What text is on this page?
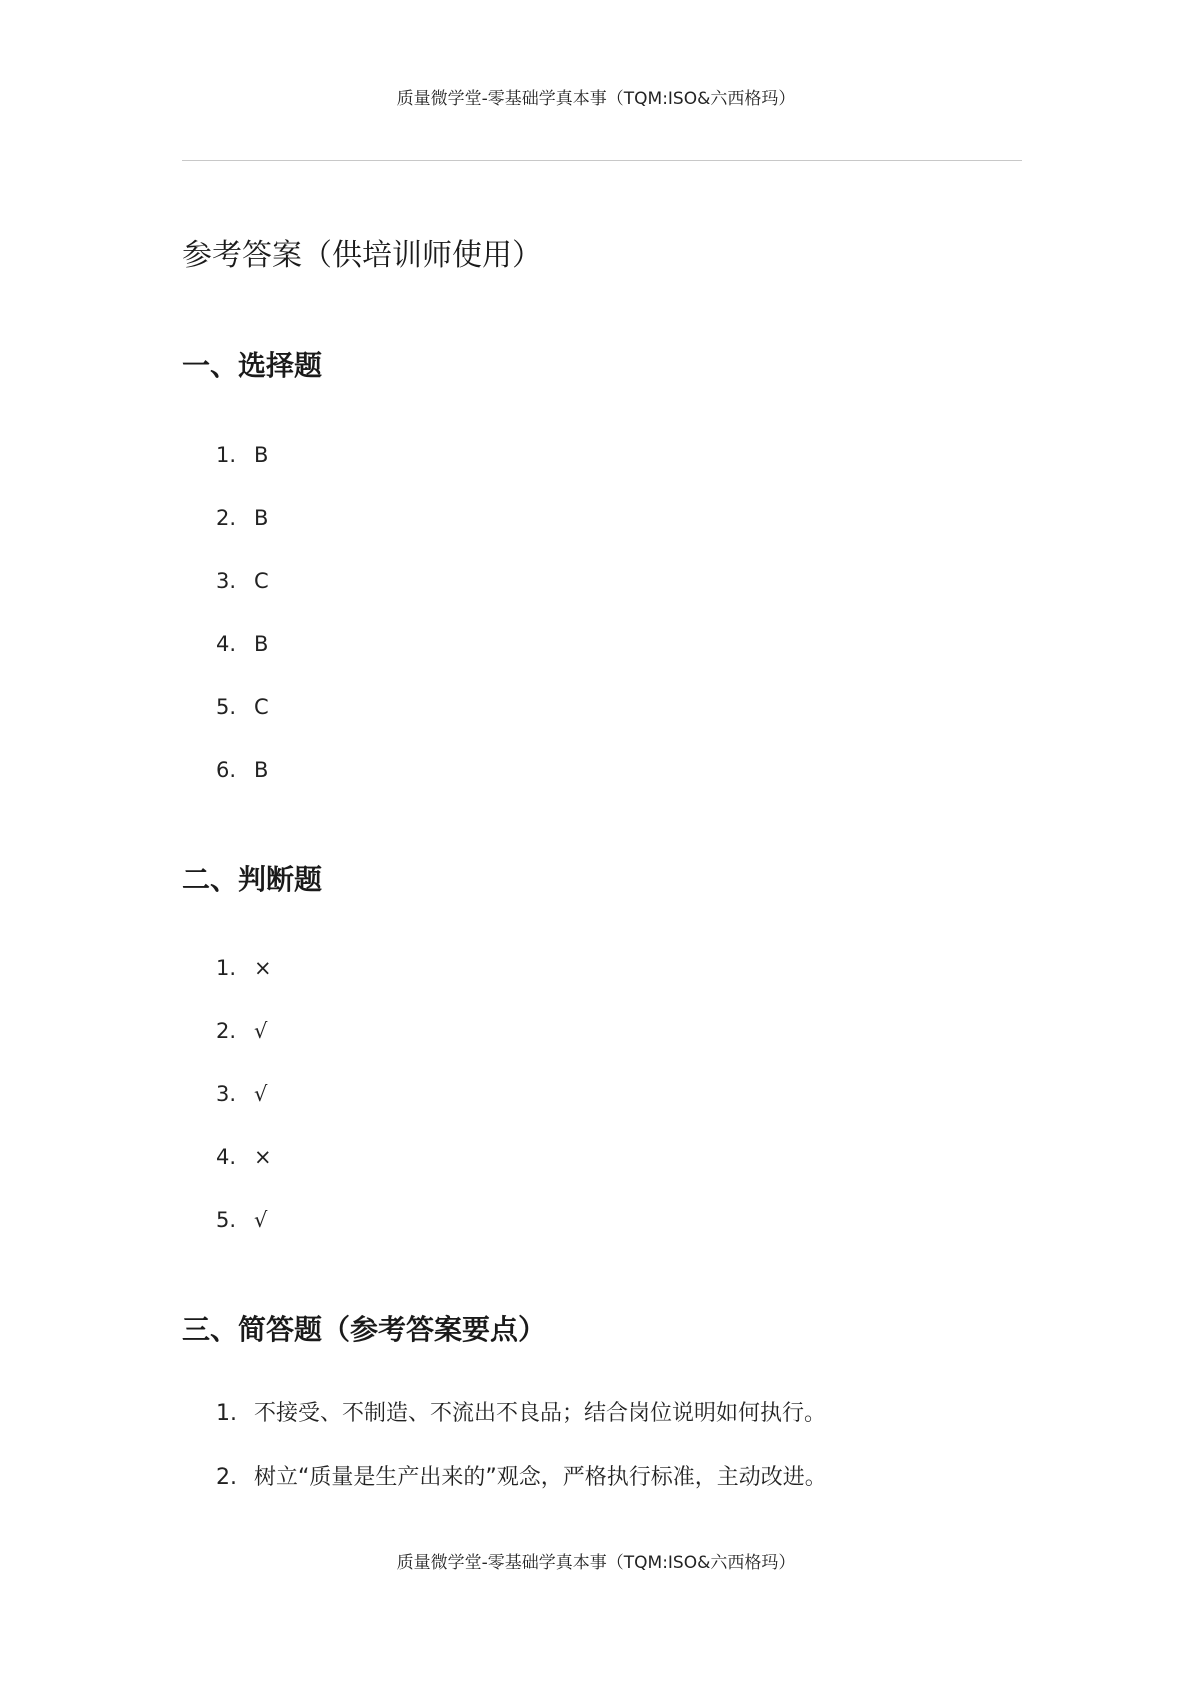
质量微学堂-零基础学真本事（TQM:ISO&六西格玛）
参考答案（供培训师使用）
一、选择题
1. B
2. B
3. C
4. B
5. C
6. B
二、判断题
1. ×
2. √
3. √
4. ×
5. √
三、简答题（参考答案要点）
1. 不接受、不制造、不流出不良品；结合岗位说明如何执行。
2. 树立“质量是生产出来的”观念，严格执行标准，主动改进。
质量微学堂-零基础学真本事（TQM:ISO&六西格玛）
